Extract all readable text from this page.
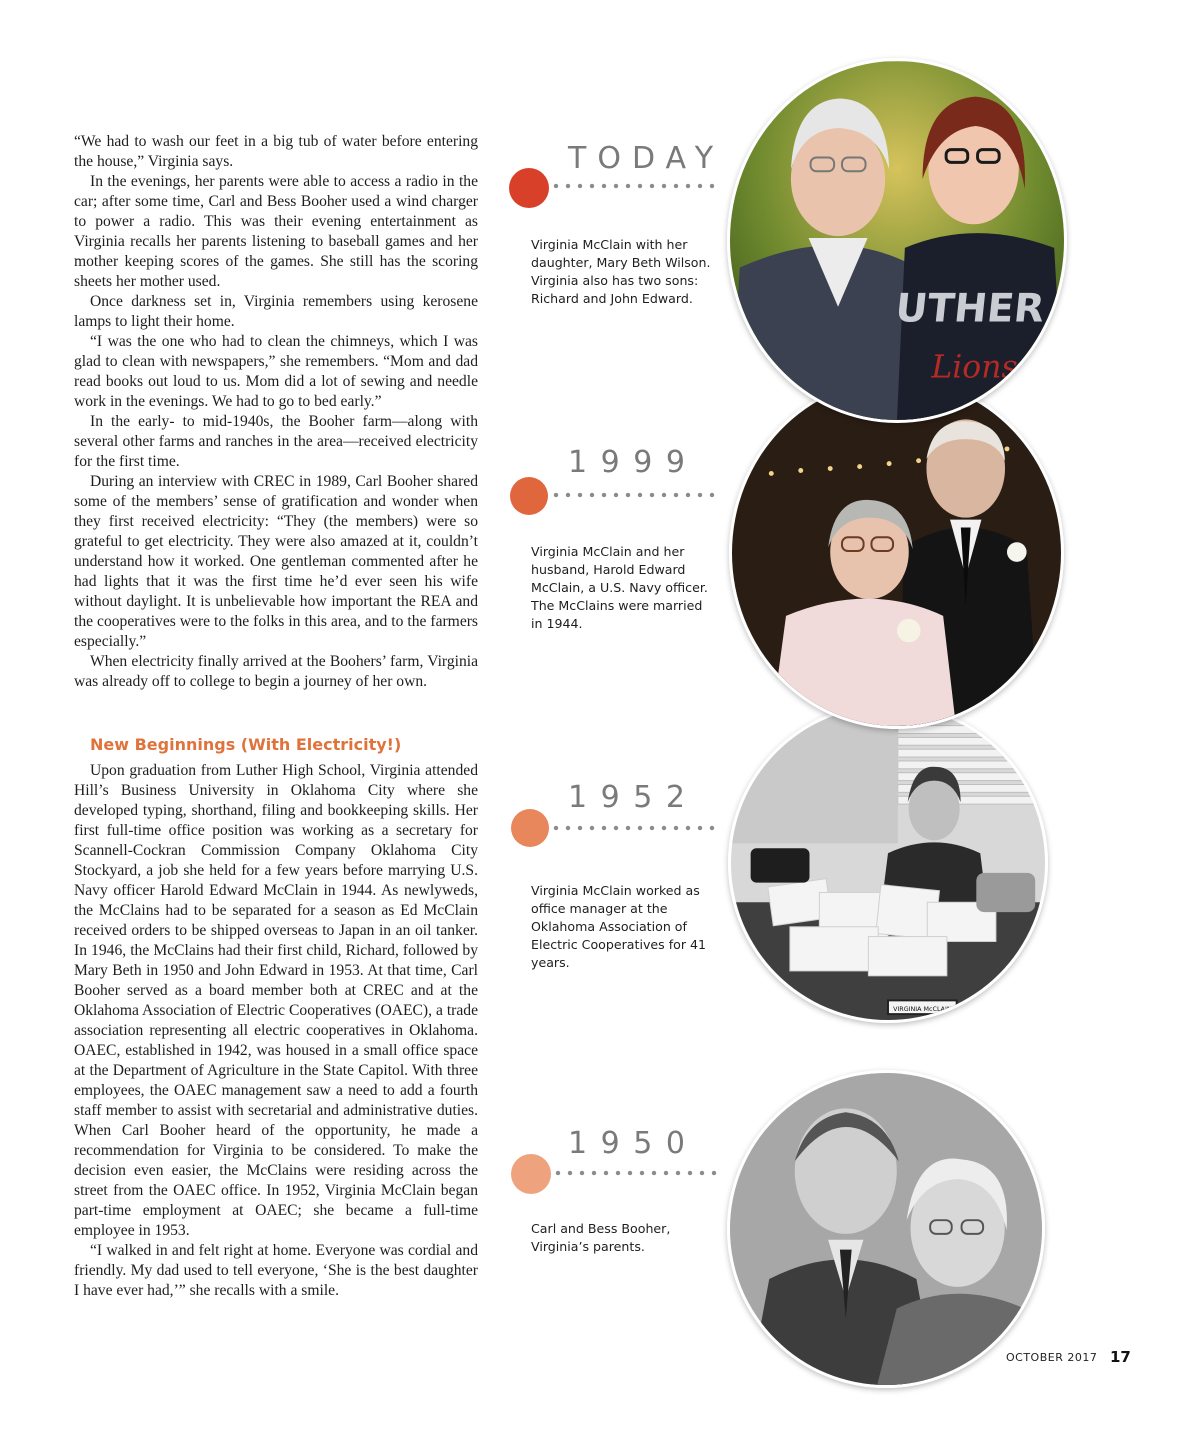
“We had to wash our feet in a big tub of water before entering the house,” Virginia says.

In the evenings, her parents were able to access a radio in the car; after some time, Carl and Bess Booher used a wind charger to power a radio. This was their evening entertainment as Virginia recalls her parents listening to baseball games and her mother keeping scores of the games. She still has the scoring sheets her mother used.

Once darkness set in, Virginia remembers using kerosene lamps to light their home.

“I was the one who had to clean the chimneys, which I was glad to clean with newspapers,” she remembers. “Mom and dad read books out loud to us. Mom did a lot of sewing and needle work in the evenings. We had to go to bed early.”

In the early- to mid-1940s, the Booher farm—along with several other farms and ranches in the area—received electricity for the first time.

During an interview with CREC in 1989, Carl Booher shared some of the members’ sense of gratification and wonder when they first received electricity: “They (the members) were so grateful to get electricity. They were also amazed at it, couldn’t understand how it worked. One gentleman commented after he had lights that it was the first time he’d ever seen his wife without daylight. It is unbelievable how important the REA and the cooperatives were to the folks in this area, and to the farmers especially.”

When electricity finally arrived at the Boohers’ farm, Virginia was already off to college to begin a journey of her own.

New Beginnings (With Electricity!)

Upon graduation from Luther High School, Virginia attended Hill’s Business University in Oklahoma City where she developed typing, shorthand, filing and bookkeeping skills. Her first full-time office position was working as a secretary for Scannell-Cockran Commission Company Oklahoma City Stockyard, a job she held for a few years before marrying U.S. Navy officer Harold Edward McClain in 1944. As newlyweds, the McClains had to be separated for a season as Ed McClain received orders to be shipped overseas to Japan in an oil tanker. In 1946, the McClains had their first child, Richard, followed by Mary Beth in 1950 and John Edward in 1953. At that time, Carl Booher served as a board member both at CREC and at the Oklahoma Association of Electric Cooperatives (OAEC), a trade association representing all electric cooperatives in Oklahoma. OAEC, established in 1942, was housed in a small office space at the Department of Agriculture in the State Capitol. With three employees, the OAEC management saw a need to add a fourth staff member to assist with secretarial and administrative duties. When Carl Booher heard of the opportunity, he made a recommendation for Virginia to be considered. To make the decision even easier, the McClains were residing across the street from the OAEC office. In 1952, Virginia McClain began part-time employment at OAEC; she became a full-time employee in 1953.

“I walked in and felt right at home. Everyone was cordial and friendly. My dad used to tell everyone, ‘She is the best daughter I have ever had,’” she recalls with a smile.

VIRGINIA McCLAIN
UTHER
Lions
TODAY
Virginia McClain with her daughter, Mary Beth Wilson. Virginia also has two sons: Richard and John Edward.
1 9 9 9
Virginia McClain and her husband, Harold Edward McClain, a U.S. Navy officer. The McClains were married in 1944.
1 9 5 2
Virginia McClain worked as office manager at the Oklahoma Association of Electric Cooperatives for 41 years.
1 9 5 0
Carl and Bess Booher, Virginia’s parents.
OCTOBER 2017 17
